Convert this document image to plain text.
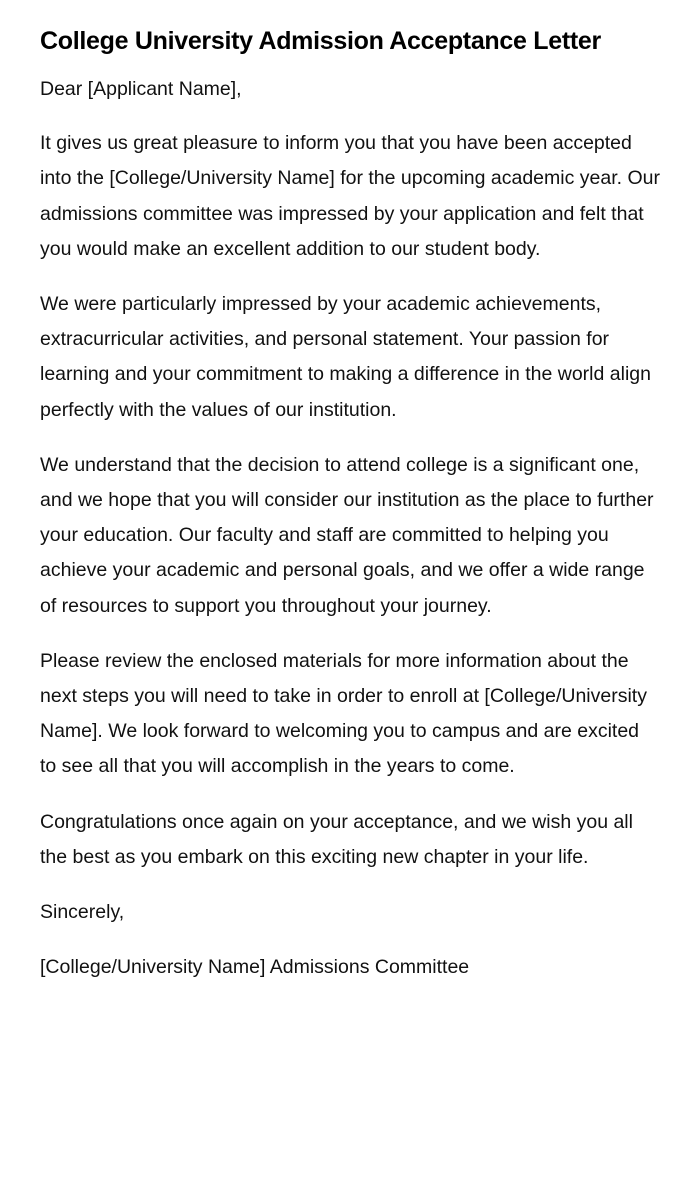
College University Admission Acceptance Letter

Dear [Applicant Name],

It gives us great pleasure to inform you that you have been accepted into the [College/University Name] for the upcoming academic year. Our admissions committee was impressed by your application and felt that you would make an excellent addition to our student body.

We were particularly impressed by your academic achievements, extracurricular activities, and personal statement. Your passion for learning and your commitment to making a difference in the world align perfectly with the values of our institution.

We understand that the decision to attend college is a significant one, and we hope that you will consider our institution as the place to further your education. Our faculty and staff are committed to helping you achieve your academic and personal goals, and we offer a wide range of resources to support you throughout your journey.

Please review the enclosed materials for more information about the next steps you will need to take in order to enroll at [College/University Name]. We look forward to welcoming you to campus and are excited to see all that you will accomplish in the years to come.

Congratulations once again on your acceptance, and we wish you all the best as you embark on this exciting new chapter in your life.

Sincerely,

[College/University Name] Admissions Committee
